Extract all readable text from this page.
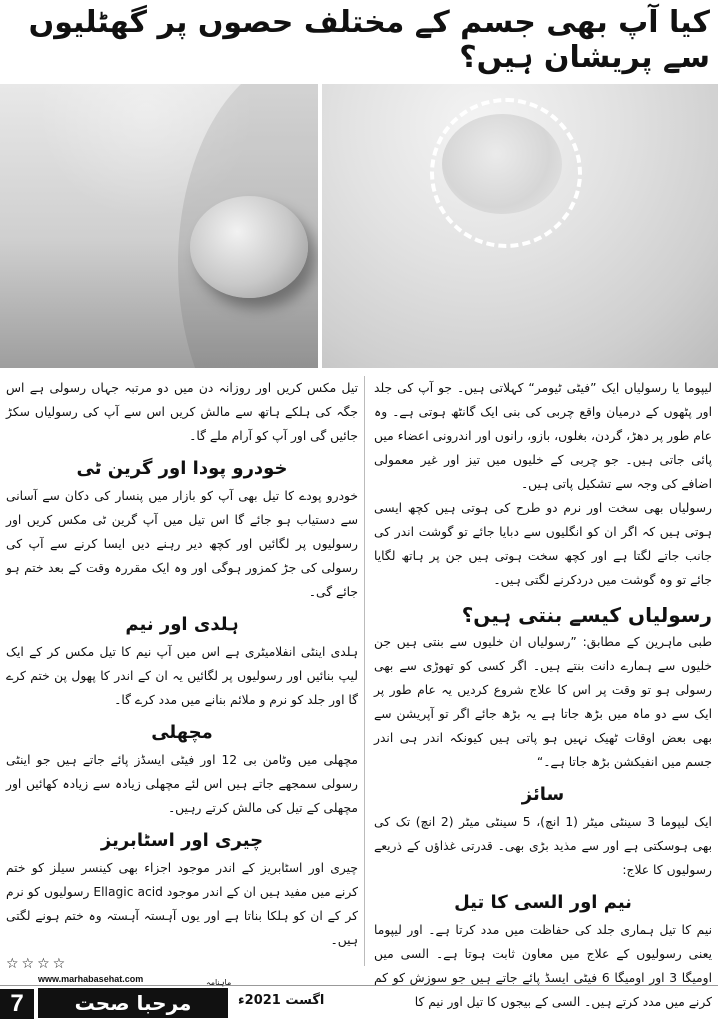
کیا آپ بھی جسم کے مختلف حصوں پر گھٹلیوں سے پریشان ہیں؟

لیپوما یا رسولیاں ایک ”فیٹی ٹیومر“ کہلاتی ہیں۔ جو آپ کی جلد اور پٹھوں کے درمیان واقع چربی کی بنی ایک گانٹھ ہوتی ہے۔ وہ عام طور پر دھڑ، گردن، بغلوں، بازو، رانوں اور اندرونی اعضاء میں پائی جاتی ہیں۔ جو چربی کے خلیوں میں تیز اور غیر معمولی اضافے کی وجہ سے تشکیل پاتی ہیں۔

رسولیاں بھی سخت اور نرم دو طرح کی ہوتی ہیں کچھ ایسی ہوتی ہیں کہ اگر ان کو انگلیوں سے دبایا جائے تو گوشت اندر کی جانب جاتے لگتا ہے اور کچھ سخت ہوتی ہیں جن پر ہاتھ لگایا جائے تو وہ گوشت میں دردکرنے لگتی ہیں۔

رسولیاں کیسے بنتی ہیں؟

طبی ماہرین کے مطابق: ”رسولیاں ان خلیوں سے بنتی ہیں جن خلیوں سے ہمارے دانت بنتے ہیں۔ اگر کسی کو تھوڑی سے بھی رسولی ہو تو وقت پر اس کا علاج شروع کردیں یہ عام طور پر ایک سے دو ماہ میں بڑھ جاتا ہے یہ بڑھ جائے اگر تو آپریشن سے بھی بعض اوقات ٹھیک نہیں ہو پاتی ہیں کیونکہ اندر ہی اندر جسم میں انفیکشن بڑھ جاتا ہے۔“

سائز

ایک لیپوما 3 سینٹی میٹر (1 انچ)، 5 سینٹی میٹر (2 انچ) تک کی بھی ہوسکتی ہے اور سے مذید بڑی بھی۔ قدرتی غذاؤں کے ذریعے رسولیوں کا علاج:

نیم اور السی کا تیل

نیم کا تیل ہماری جلد کی حفاظت میں مدد کرتا ہے۔ اور لیپوما یعنی رسولیوں کے علاج میں معاون ثابت ہوتا ہے۔ السی میں اومیگا 3 اور اومیگا 6 فیٹی ایسڈ پائے جاتے ہیں جو سوزش کو کم کرنے میں مدد کرتے ہیں۔ السی کے بیجوں کا تیل اور نیم کا

تیل مکس کریں اور روزانہ دن میں دو مرتبہ جہاں رسولی ہے اس جگہ کی ہلکے ہاتھ سے مالش کریں اس سے آپ کی رسولیاں سکڑ جائیں گی اور آپ کو آرام ملے گا۔

خودرو پودا اور گرین ٹی

خودرو پودے کا تیل بھی آپ کو بازار میں پنسار کی دکان سے آسانی سے دستیاب ہو جائے گا اس تیل میں آپ گرین ٹی مکس کریں اور رسولیوں پر لگائیں اور کچھ دیر رہنے دیں ایسا کرنے سے آپ کی رسولی کی جڑ کمزور ہوگی اور وہ ایک مقررہ وقت کے بعد ختم ہو جائے گی۔

ہلدی اور نیم

ہلدی اینٹی انفلامیٹری ہے اس میں آپ نیم کا تیل مکس کر کے ایک لیپ بنائیں اور رسولیوں پر لگائیں یہ ان کے اندر کا پھول پن ختم کرے گا اور جلد کو نرم و ملائم بنانے میں مدد کرے گا۔

مچھلی

مچھلی میں وٹامن بی 12 اور فیٹی ایسڈز پائے جاتے ہیں جو اینٹی رسولی سمجھے جاتے ہیں اس لئے مچھلی زیادہ سے زیادہ کھائیں اور مچھلی کے تیل کی مالش کرتے رہیں۔

چیری اور اسٹابریز

چیری اور اسٹابریز کے اندر موجود اجزاء بھی کینسر سیلز کو ختم کرنے میں مفید ہیں ان کے اندر موجود Ellagic acid رسولیوں کو نرم کر کے ان کو ہلکا بناتا ہے اور یوں آہستہ آہستہ وہ ختم ہونے لگتی ہیں۔

☆☆☆☆
7
www.marhabasehat.com
مرحبا صحت
ماہنامہ
اگست 2021ء
